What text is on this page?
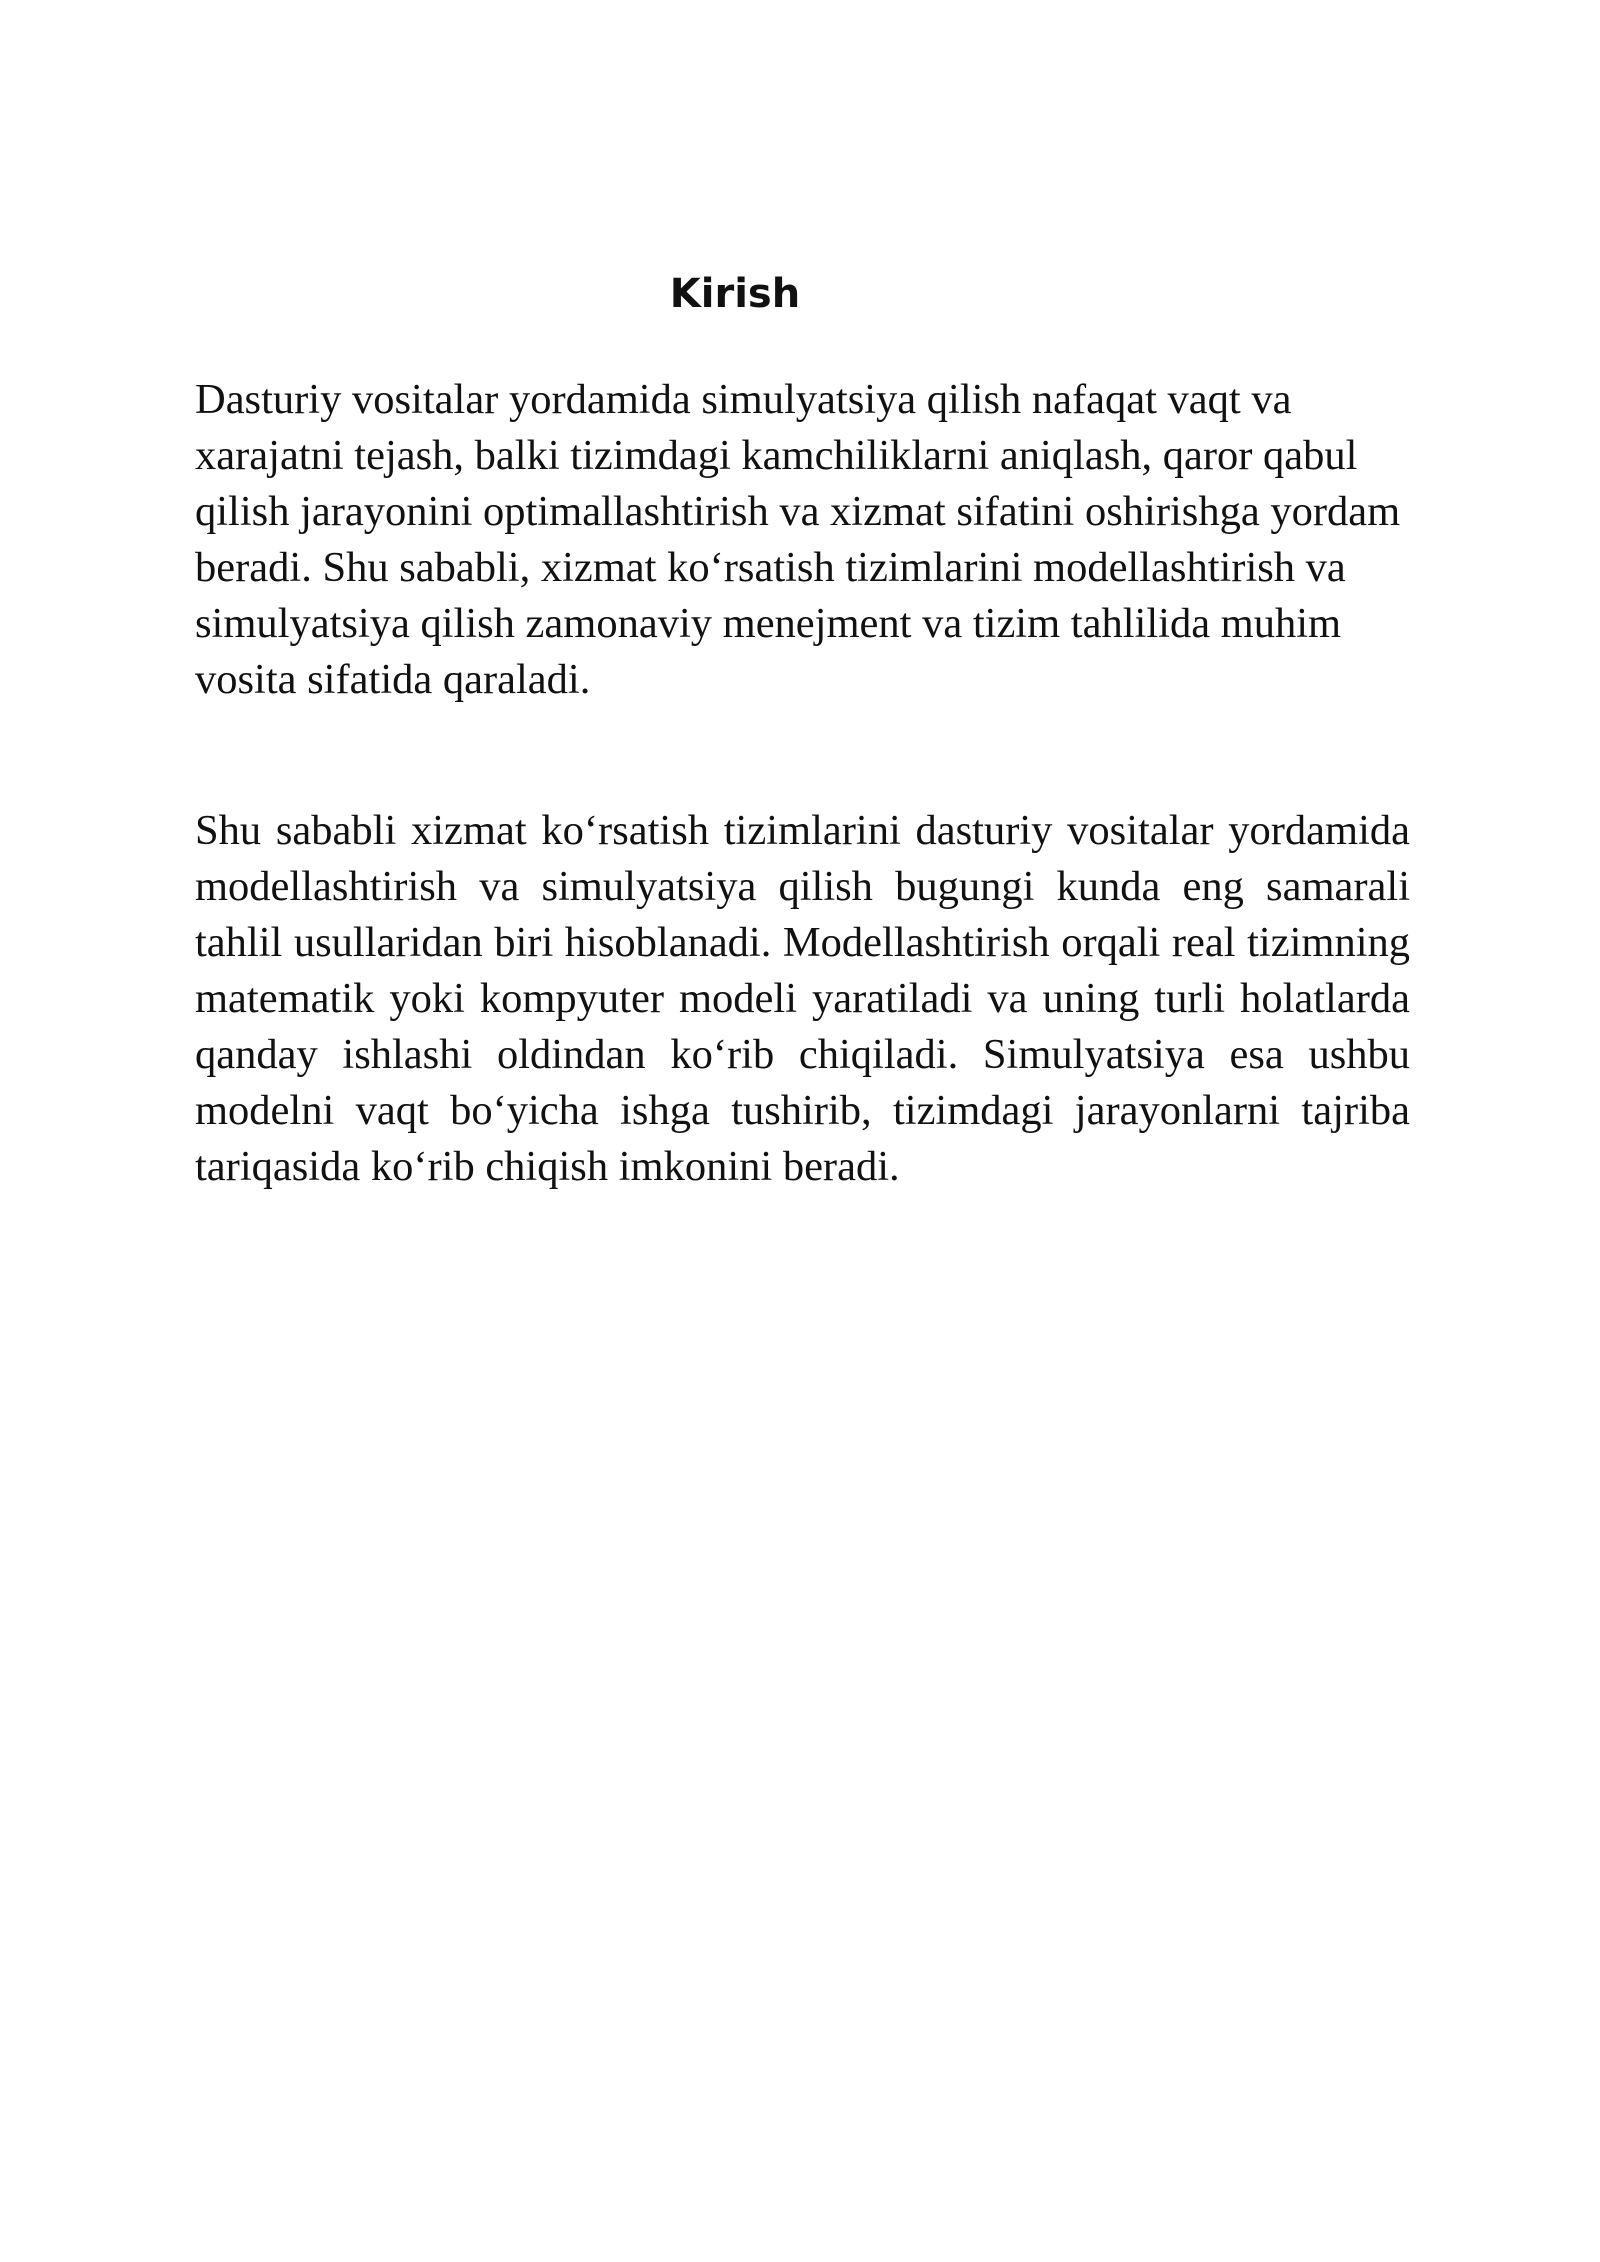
Kirish

Dasturiy vositalar yordamida simulyatsiya qilish nafaqat vaqt va xarajatni tejash, balki tizimdagi kamchiliklarni aniqlash, qaror qabul qilish jarayonini optimallashtirish va xizmat sifatini oshirishga yordam beradi. Shu sababli, xizmat ko‘rsatish tizimlarini modellashtirish va simulyatsiya qilish zamonaviy menejment va tizim tahlilida muhim vosita sifatida qaraladi.

Shu sababli xizmat ko‘rsatish tizimlarini dasturiy vositalar yordamida modellashtirish va simulyatsiya qilish bugungi kunda eng samarali tahlil usullaridan biri hisoblanadi. Modellashtirish orqali real tizimning matematik yoki kompyuter modeli yaratiladi va uning turli holatlarda qanday ishlashi oldindan ko‘rib chiqiladi. Simulyatsiya esa ushbu modelni vaqt bo‘yicha ishga tushirib, tizimdagi jarayonlarni tajriba tariqasida ko‘rib chiqish imkonini beradi.
